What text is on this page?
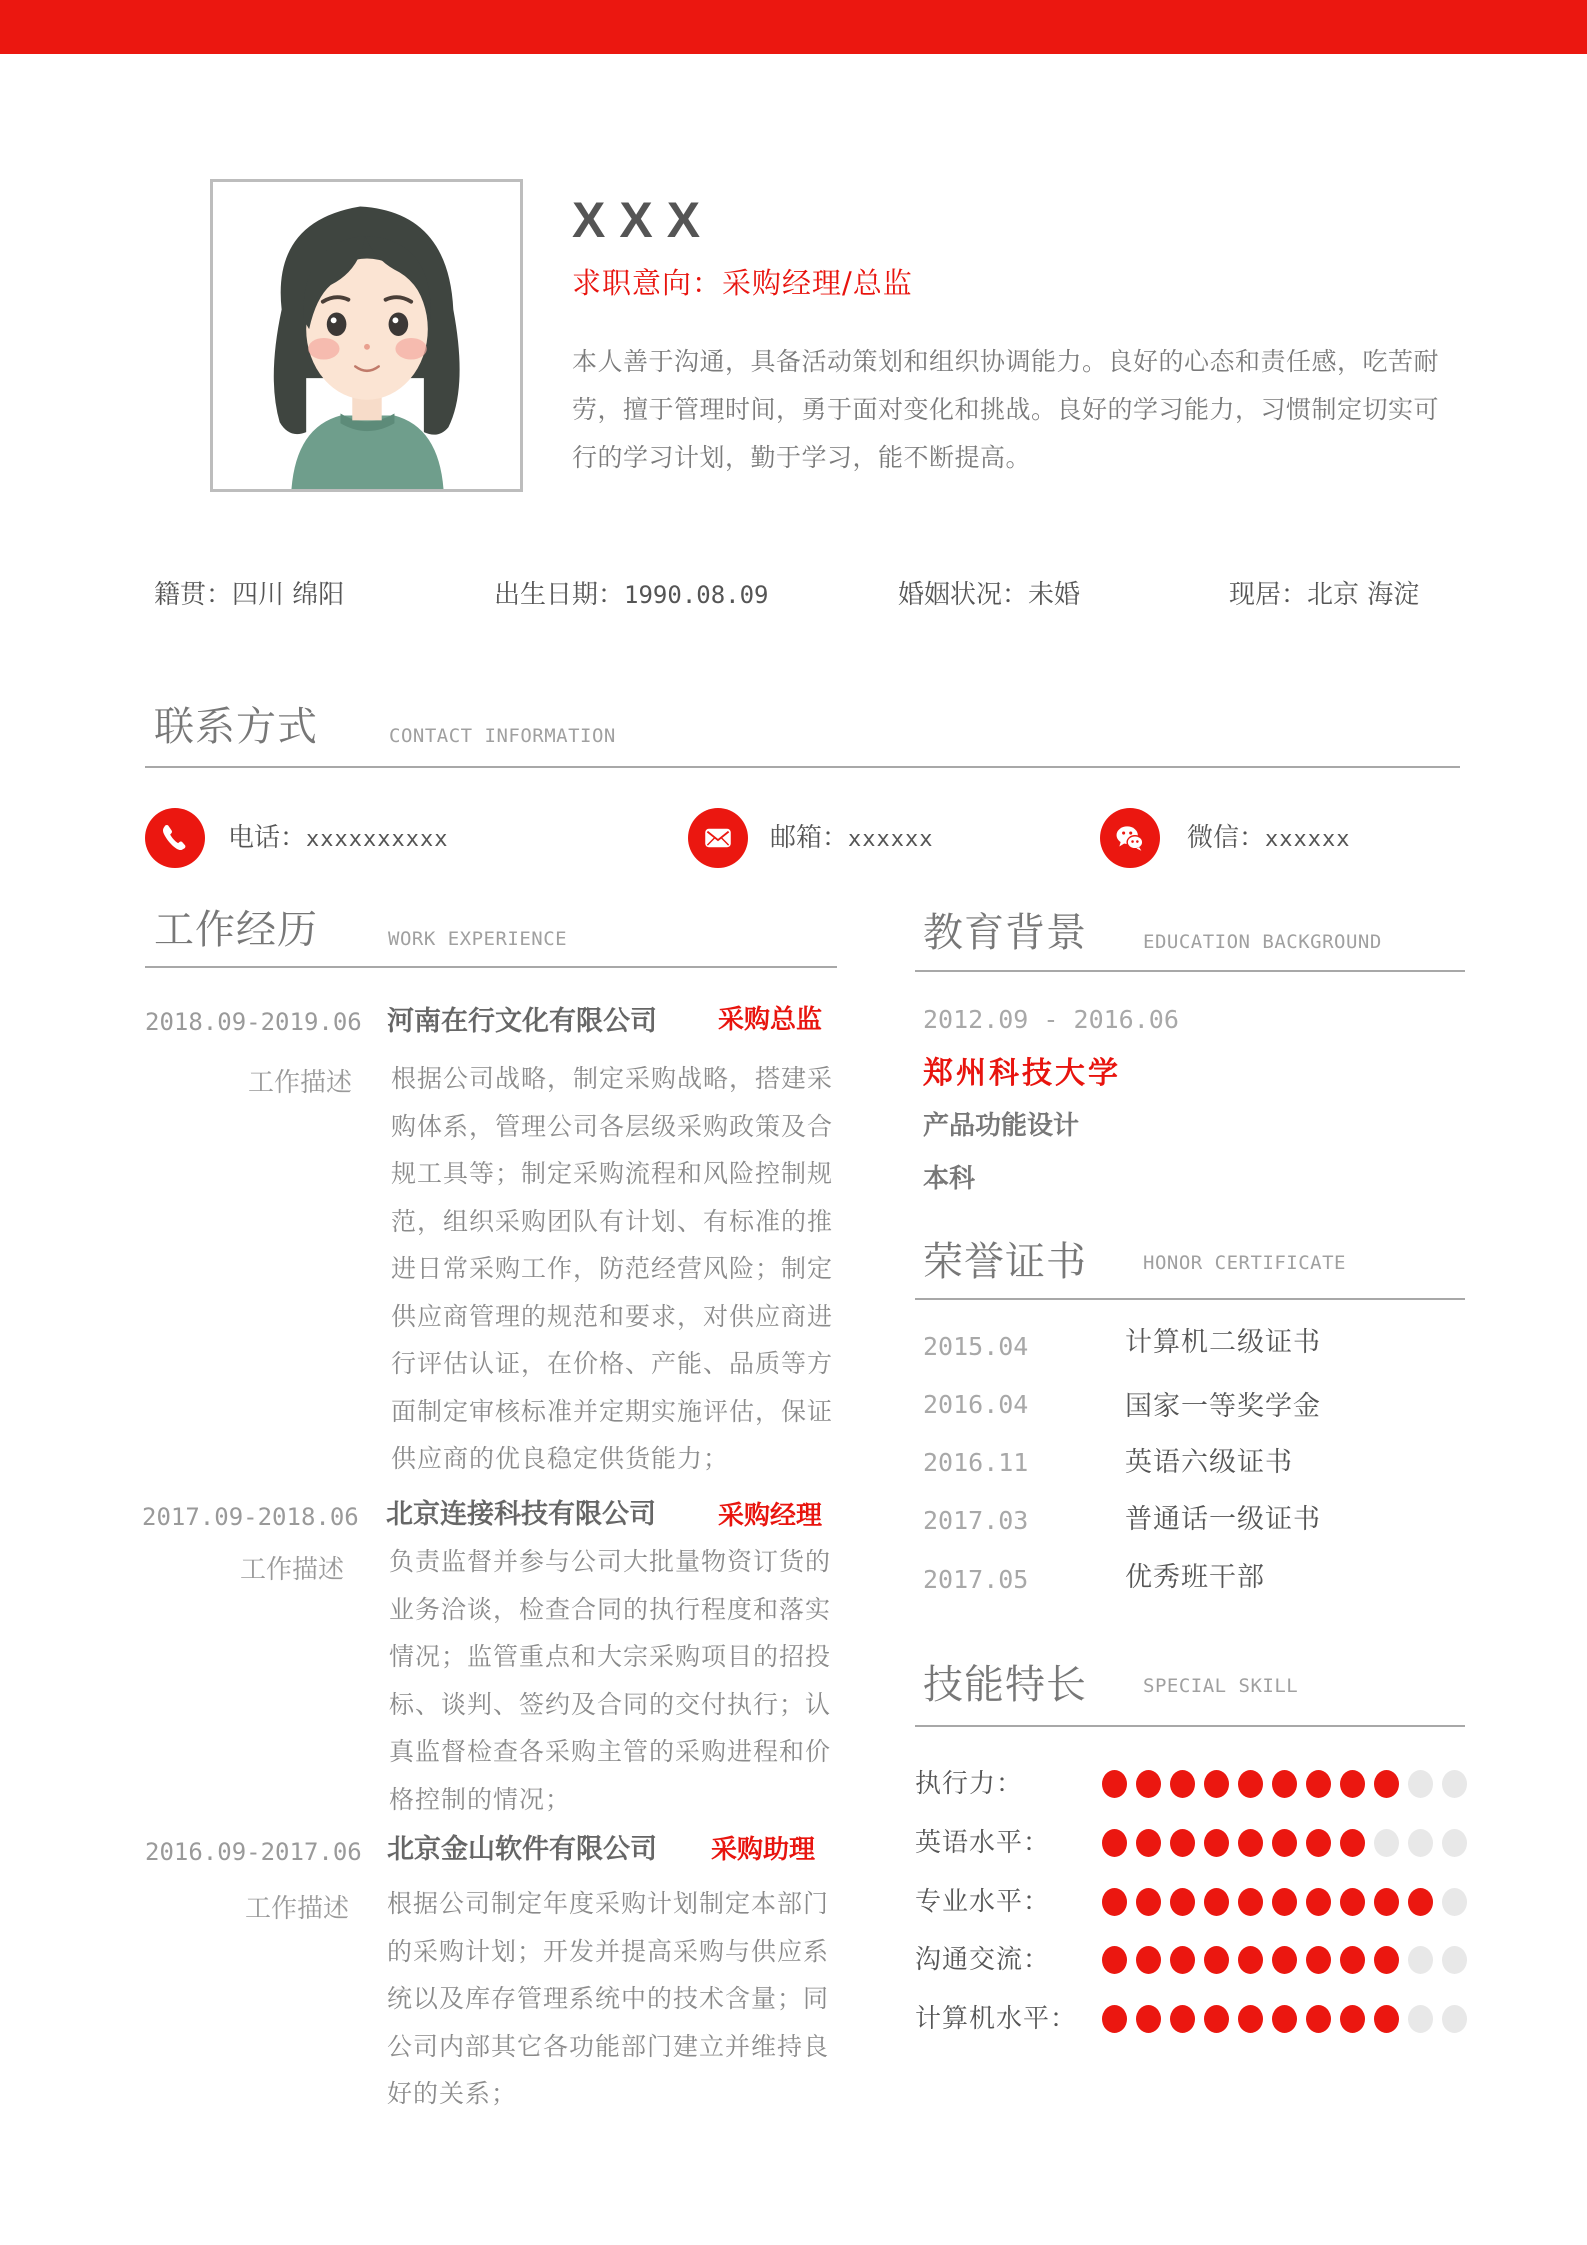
XXX
求职意向：采购经理/总监
本人善于沟通，具备活动策划和组织协调能力。良好的心态和责任感，吃苦耐劳，擅于管理时间，勇于面对变化和挑战。良好的学习能力，习惯制定切实可行的学习计划，勤于学习，能不断提高。
籍贯：四川 绵阳	出生日期：1990.08.09	婚姻状况：未婚	现居：北京 海淀
联系方式	CONTACT INFORMATION
电话：xxxxxxxxxx	邮箱：xxxxxx	微信：xxxxxx
工作经历	WORK EXPERIENCE
2018.09-2019.06 河南在行文化有限公司 采购总监
工作描述 根据公司战略，制定采购战略，搭建采购体系，管理公司各层级采购政策及合规工具等；制定采购流程和风险控制规范，组织采购团队有计划、有标准的推进日常采购工作，防范经营风险；制定供应商管理的规范和要求，对供应商进行评估认证，在价格、产能、品质等方面制定审核标准并定期实施评估，保证供应商的优良稳定供货能力；
2017.09-2018.06 北京连接科技有限公司 采购经理
工作描述 负责监督并参与公司大批量物资订货的业务洽谈，检查合同的执行程度和落实情况；监管重点和大宗采购项目的招投标、谈判、签约及合同的交付执行；认真监督检查各采购主管的采购进程和价格控制的情况；
2016.09-2017.06 北京金山软件有限公司 采购助理
工作描述 根据公司制定年度采购计划制定本部门的采购计划；开发并提高采购与供应系统以及库存管理系统中的技术含量；同公司内部其它各功能部门建立并维持良好的关系；
教育背景	EDUCATION BACKGROUND
2012.09 - 2016.06
郑州科技大学
产品功能设计
本科
荣誉证书	HONOR CERTIFICATE
2015.04	计算机二级证书
2016.04	国家一等奖学金
2016.11	英语六级证书
2017.03	普通话一级证书
2017.05	优秀班干部
技能特长	SPECIAL SKILL
执行力：
英语水平：
专业水平：
沟通交流：
计算机水平：
